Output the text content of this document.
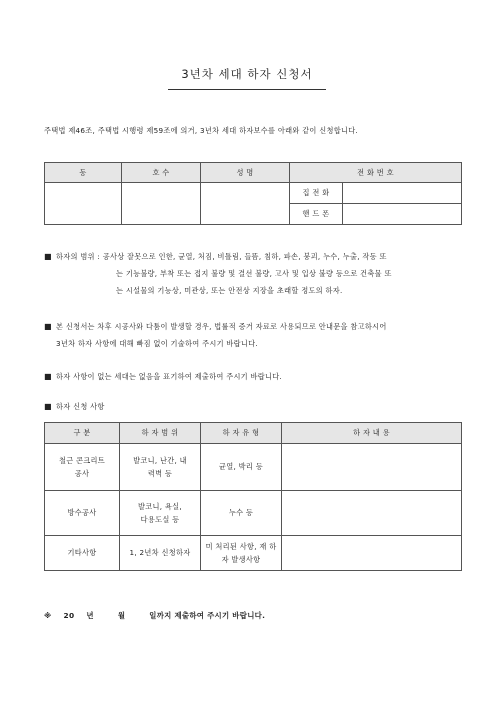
3년차 세대 하자 신청서
주택법 제46조, 주택법 시행령 제59조에 의거, 3년차 세대 하자보수를 아래와 같이 신청합니다.
동	호 수	성 명	전 화 번 호	
			집 전 화	
			핸 드 폰	
■ 하자의 범위 : 공사상 잘못으로 인한, 균열, 처짐, 비틀림, 들뜸, 침하, 파손, 붕괴, 누수, 누출, 작동 또
는 기능불량, 부착 또는 접지 불량 및 결선 불량, 고사 및 입상 불량 등으로 건축물 또
는 시설물의 기능상, 미관상, 또는 안전상 지장을 초래할 정도의 하자.
■ 본 신청서는 차후 시공사와 다툼이 발생할 경우, 법률적 증거 자료로 사용되므로 안내문을 참고하시어
3년차 하자 사항에 대해 빠짐 없이 기술하여 주시기 바랍니다.
■ 하자 사항이 없는 세대는 없음을 표기하여 제출하여 주시기 바랍니다.
■ 하자 신청 사항
구 분	하 자 범 위	하 자 유 형	하 자 내 용
철근 콘크리트 공사	발코니, 난간, 내력벽 등	균열, 박리 등	
방수공사	발코니, 욕실, 다용도실 등	누수 등	
기타사항	1, 2년차 신청하자	미 처리된 사항, 재 하자 발생사항	
※ 20 년	월	일까지 제출하여 주시기 바랍니다.
